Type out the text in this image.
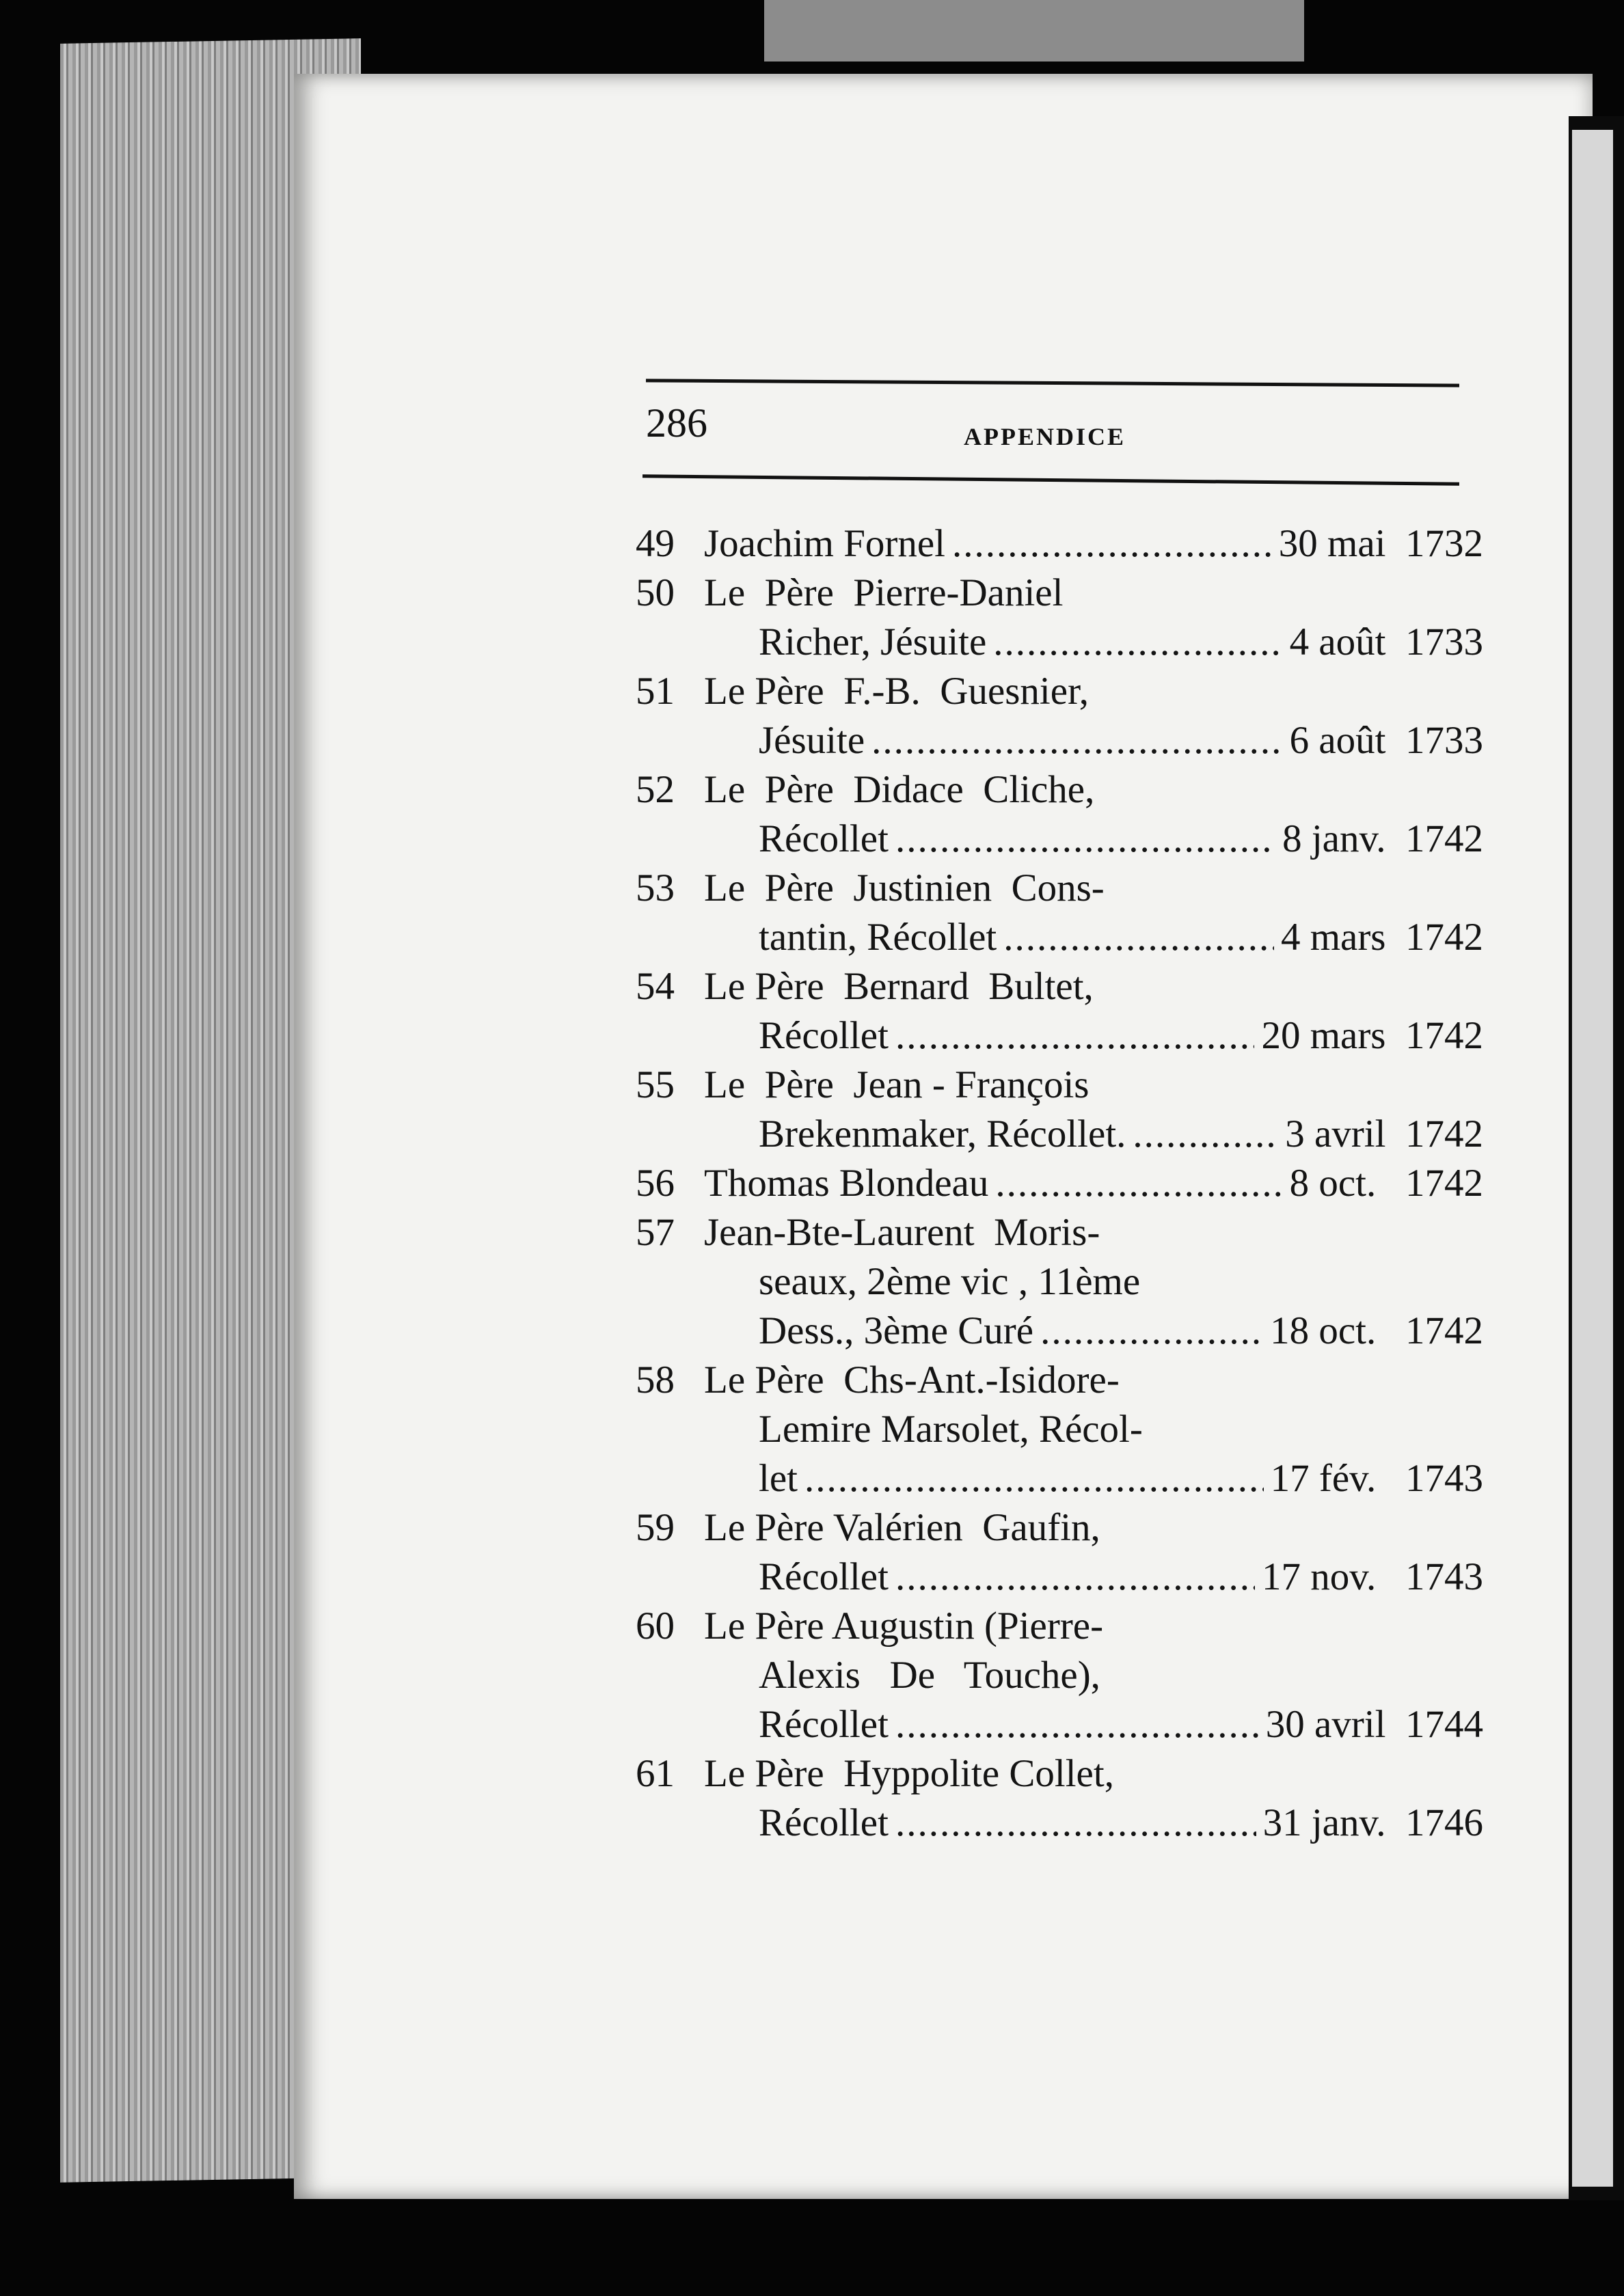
286	APPENDICE
49 Joachim Fornel .....	30 mai  1732
50 Le  Père  Pierre-Daniel
Richer, Jésuite .....	4 août  1733
51 Le Père  F.-B.  Guesnier,
Jésuite .....	6 août  1733
52 Le  Père  Didace  Cliche,
Récollet .....	8 janv.  1742
53 Le  Père  Justinien  Cons-
tantin, Récollet .....	4 mars  1742
54 Le Père  Bernard  Bultet,
Récollet .....	20 mars  1742
55 Le  Père  Jean - François
Brekenmaker, Récollet. .....	3 avril  1742
56 Thomas Blondeau .....	8 oct.   1742
57 Jean-Bte-Laurent  Moris-
seaux, 2ème vic , 11ème
Dess., 3ème Curé .....	18 oct.   1742
58 Le Père  Chs-Ant.-Isidore-
Lemire Marsolet, Récol-
let .....	17 fév.   1743
59 Le Père Valérien  Gaufin,
Récollet .....	17 nov.   1743
60 Le Père Augustin (Pierre-
Alexis   De   Touche),
Récollet .....	30 avril  1744
61 Le Père  Hyppolite Collet,
Récollet .....	31 janv.  1746
